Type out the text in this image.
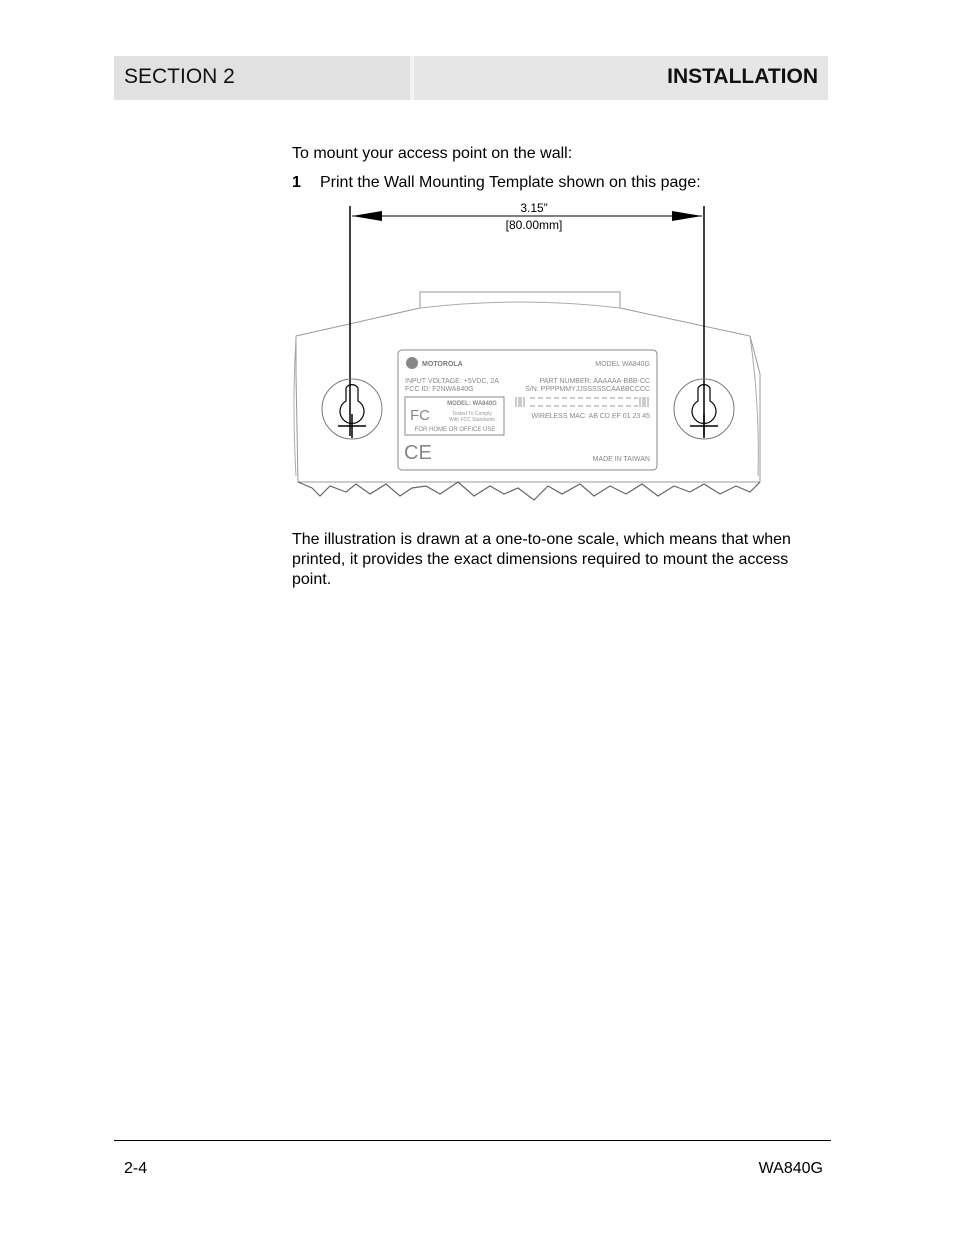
SECTION 2	INSTALLATION
To mount your access point on the wall:
1 Print the Wall Mounting Template shown on this page:
3.15”
[80.00mm]
MOTOROLA	MODEL WA840G
INPUT VOLTAGE: +5VDC, 2A
FCC ID: F2NWA840G
PART NUMBER: AAAAAA-BBB-CC
S/N: PPPPMMYJJSSSSSCAABBCCCC
MODEL: WA840G
FC	Tested To Comply
With FCC Standards
FOR HOME OR OFFICE USE
WIRELESS MAC: AB CD EF 01 23 45
CE	MADE IN TAIWAN
The illustration is drawn at a one-to-one scale, which means that when printed, it provides the exact dimensions required to mount the access point.
2-4	WA840G
